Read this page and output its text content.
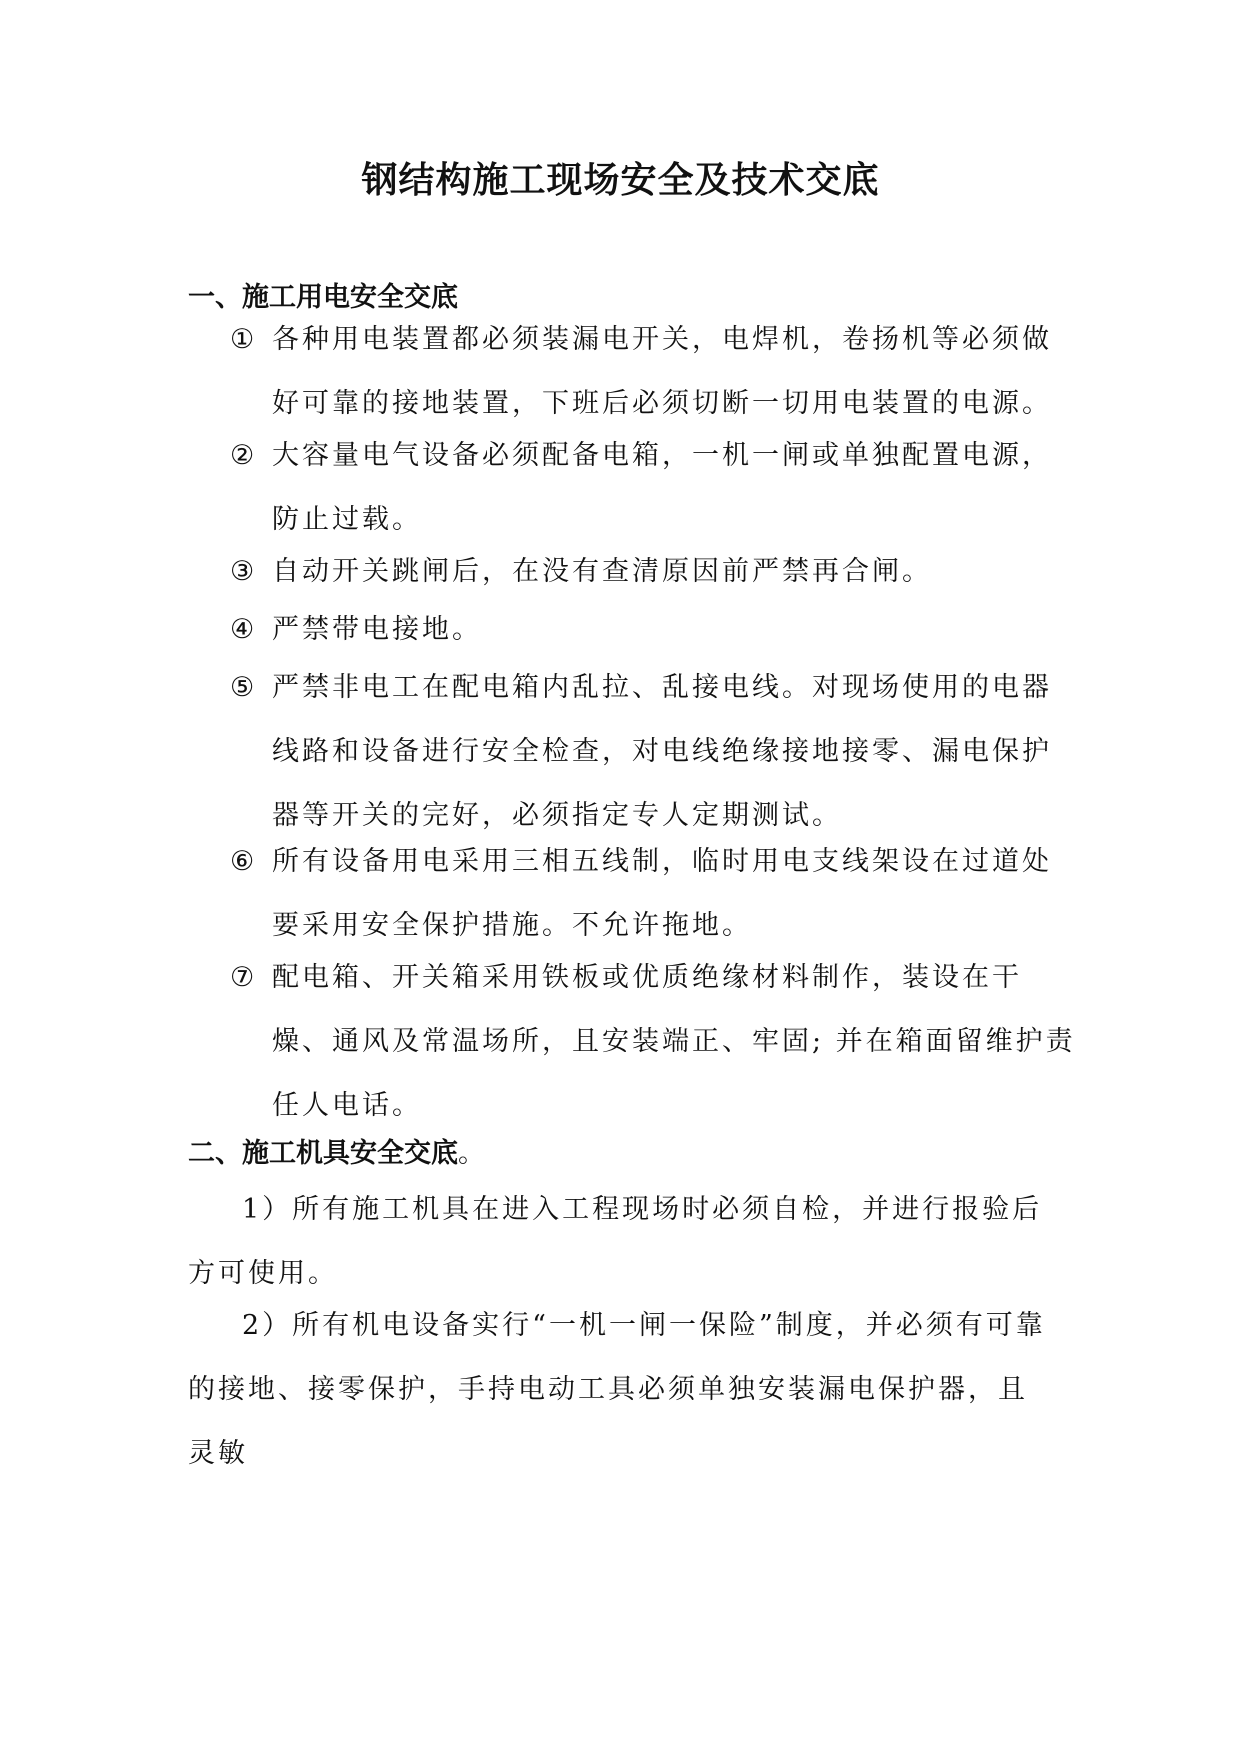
钢结构施工现场安全及技术交底
一、施工用电安全交底
① 各种用电装置都必须装漏电开关，电焊机，卷扬机等必须做好可靠的接地装置，下班后必须切断一切用电装置的电源。
② 大容量电气设备必须配备电箱，一机一闸或单独配置电源，防止过载。
③ 自动开关跳闸后，在没有查清原因前严禁再合闸。
④ 严禁带电接地。
⑤ 严禁非电工在配电箱内乱拉、乱接电线。对现场使用的电器线路和设备进行安全检查，对电线绝缘接地接零、漏电保护器等开关的完好，必须指定专人定期测试。
⑥ 所有设备用电采用三相五线制，临时用电支线架设在过道处要采用安全保护措施。不允许拖地。
⑦ 配电箱、开关箱采用铁板或优质绝缘材料制作，装设在干燥、通风及常温场所，且安装端正、牢固; 并在箱面留维护责任人电话。
二、施工机具安全交底。
1）所有施工机具在进入工程现场时必须自检，并进行报验后方可使用。
2）所有机电设备实行“一机一闸一保险”制度，并必须有可靠的接地、接零保护，手持电动工具必须单独安装漏电保护器，且灵敏
